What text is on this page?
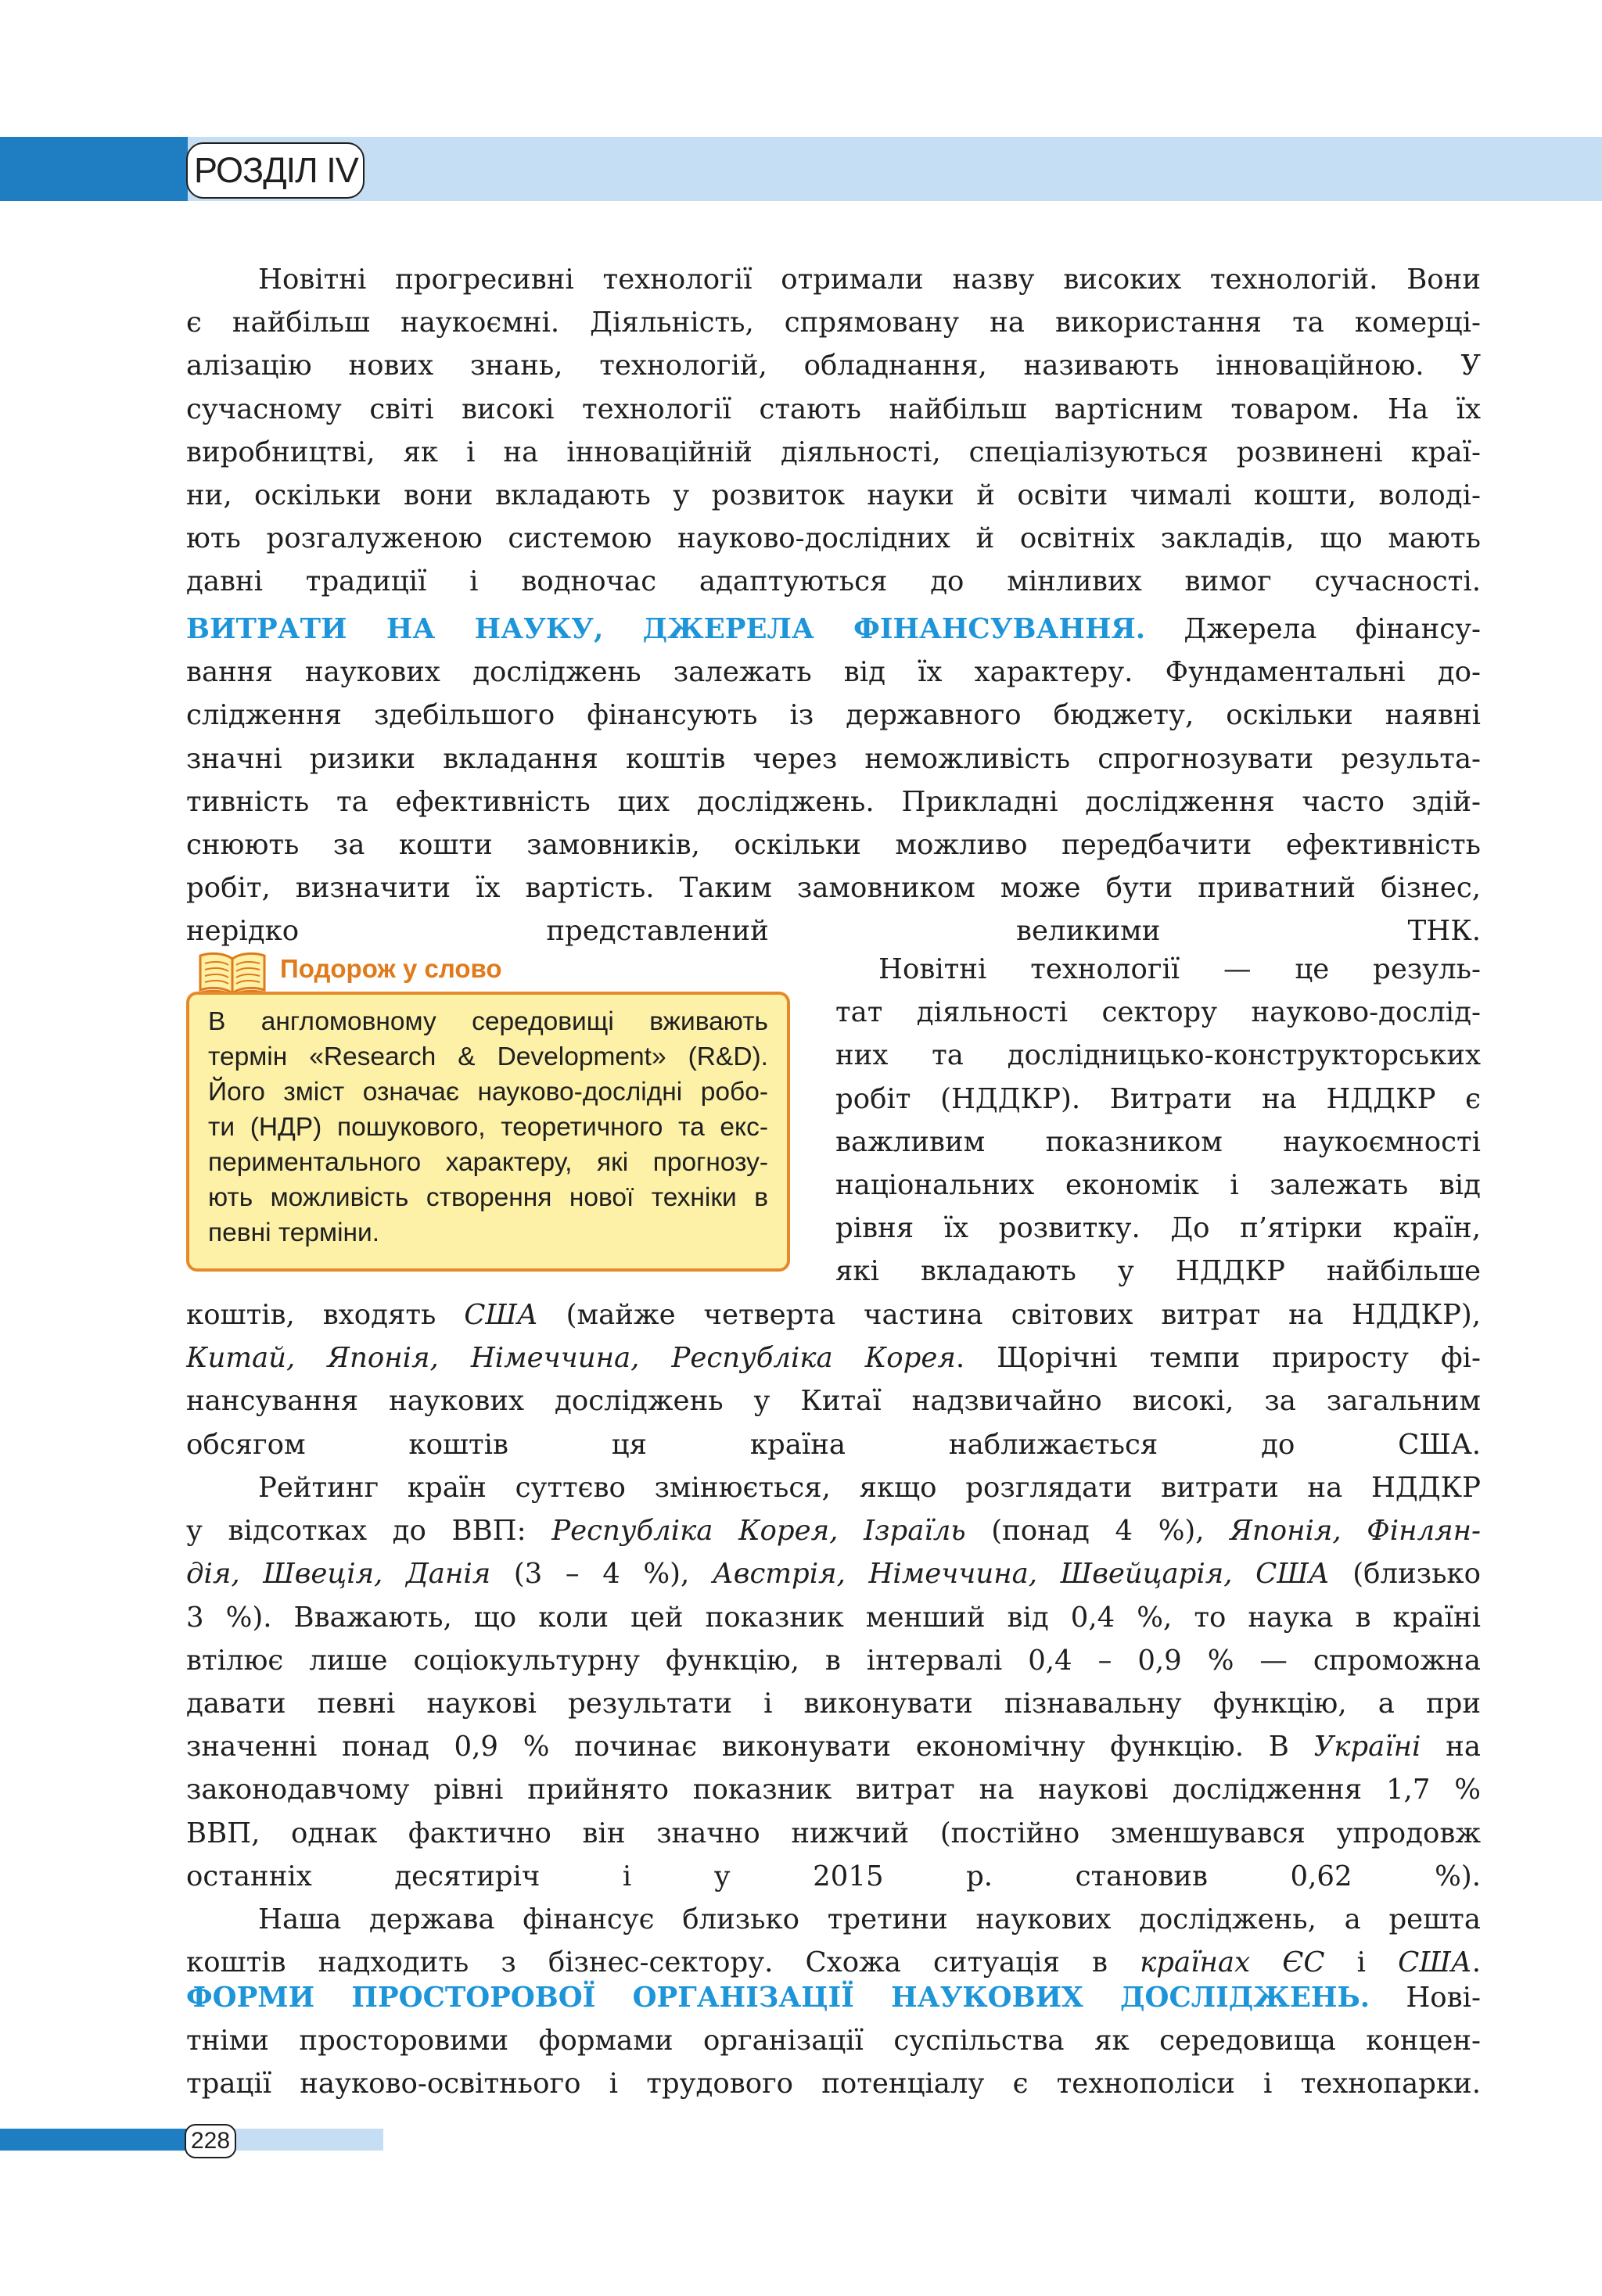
РОЗДІЛ IV
Новітні прогресивні технології отримали назву високих технологій. Вони
є найбільш наукоємні. Діяльність, спрямовану на використання та комерці-
алізацію нових знань, технологій, обладнання, називають інноваційною. У
сучасному світі високі технології стають найбільш вартісним товаром. На їх
виробництві, як і на інноваційній діяльності, спеціалізуються розвинені краї-
ни, оскільки вони вкладають у розвиток науки й освіти чималі кошти, володі-
ють розгалуженою системою науково-дослідних й освітніх закладів, що мають
давні традиції і водночас адаптуються до мінливих вимог сучасності.
ВИТРАТИ НА НАУКУ, ДЖЕРЕЛА ФІНАНСУВАННЯ. Джерела фінансу-
вання наукових досліджень залежать від їх характеру. Фундаментальні до-
слідження здебільшого фінансують із державного бюджету, оскільки наявні
значні ризики вкладання коштів через неможливість спрогнозувати результа-
тивність та ефективність цих досліджень. Прикладні дослідження часто здій-
снюють за кошти замовників, оскільки можливо передбачити ефективність
робіт, визначити їх вартість. Таким замовником може бути приватний бізнес,
нерідко представлений великими ТНК.
Подорож у слово
В англомовному середовищі вживають
термін «Research & Development» (R&D).
Його зміст означає науково-дослідні робо-
ти (НДР) пошукового, теоретичного та екс-
периментального характеру, які прогнозу-
ють можливість створення нової техніки в
певні терміни.
Новітні технології — це резуль-
тат діяльності сектору науково-дослід-
них та дослідницько-конструкторських
робіт (НДДКР). Витрати на НДДКР є
важливим показником наукоємності
національних економік і залежать від
рівня їх розвитку. До п’ятірки країн,
які вкладають у НДДКР найбільше
коштів, входять США (майже четверта частина світових витрат на НДДКР),
Китай, Японія, Німеччина, Республіка Корея. Щорічні темпи приросту фі-
нансування наукових досліджень у Китаї надзвичайно високі, за загальним
обсягом коштів ця країна наближається до США.
Рейтинг країн суттєво змінюється, якщо розглядати витрати на НДДКР
у відсотках до ВВП: Республіка Корея, Ізраїль (понад 4 %), Японія, Фінлян-
дія, Швеція, Данія (3 – 4 %), Австрія, Німеччина, Швейцарія, США (близько
3 %). Вважають, що коли цей показник менший від 0,4 %, то наука в країні
втілює лише соціокультурну функцію, в інтервалі 0,4 – 0,9 % — спроможна
давати певні наукові результати і виконувати пізнавальну функцію, а при
значенні понад 0,9 % починає виконувати економічну функцію. В Україні на
законодавчому рівні прийнято показник витрат на наукові дослідження 1,7 %
ВВП, однак фактично він значно нижчий (постійно зменшувався упродовж
останніх десятиріч і у 2015 р. становив 0,62 %).
Наша держава фінансує близько третини наукових досліджень, а решта
коштів надходить з бізнес-сектору. Схожа ситуація в країнах ЄС і США.
ФОРМИ ПРОСТОРОВОЇ ОРГАНІЗАЦІЇ НАУКОВИХ ДОСЛІДЖЕНЬ. Нові-
тніми просторовими формами організації суспільства як середовища концен-
трації науково-освітнього і трудового потенціалу є технополіси і технопарки.
228
